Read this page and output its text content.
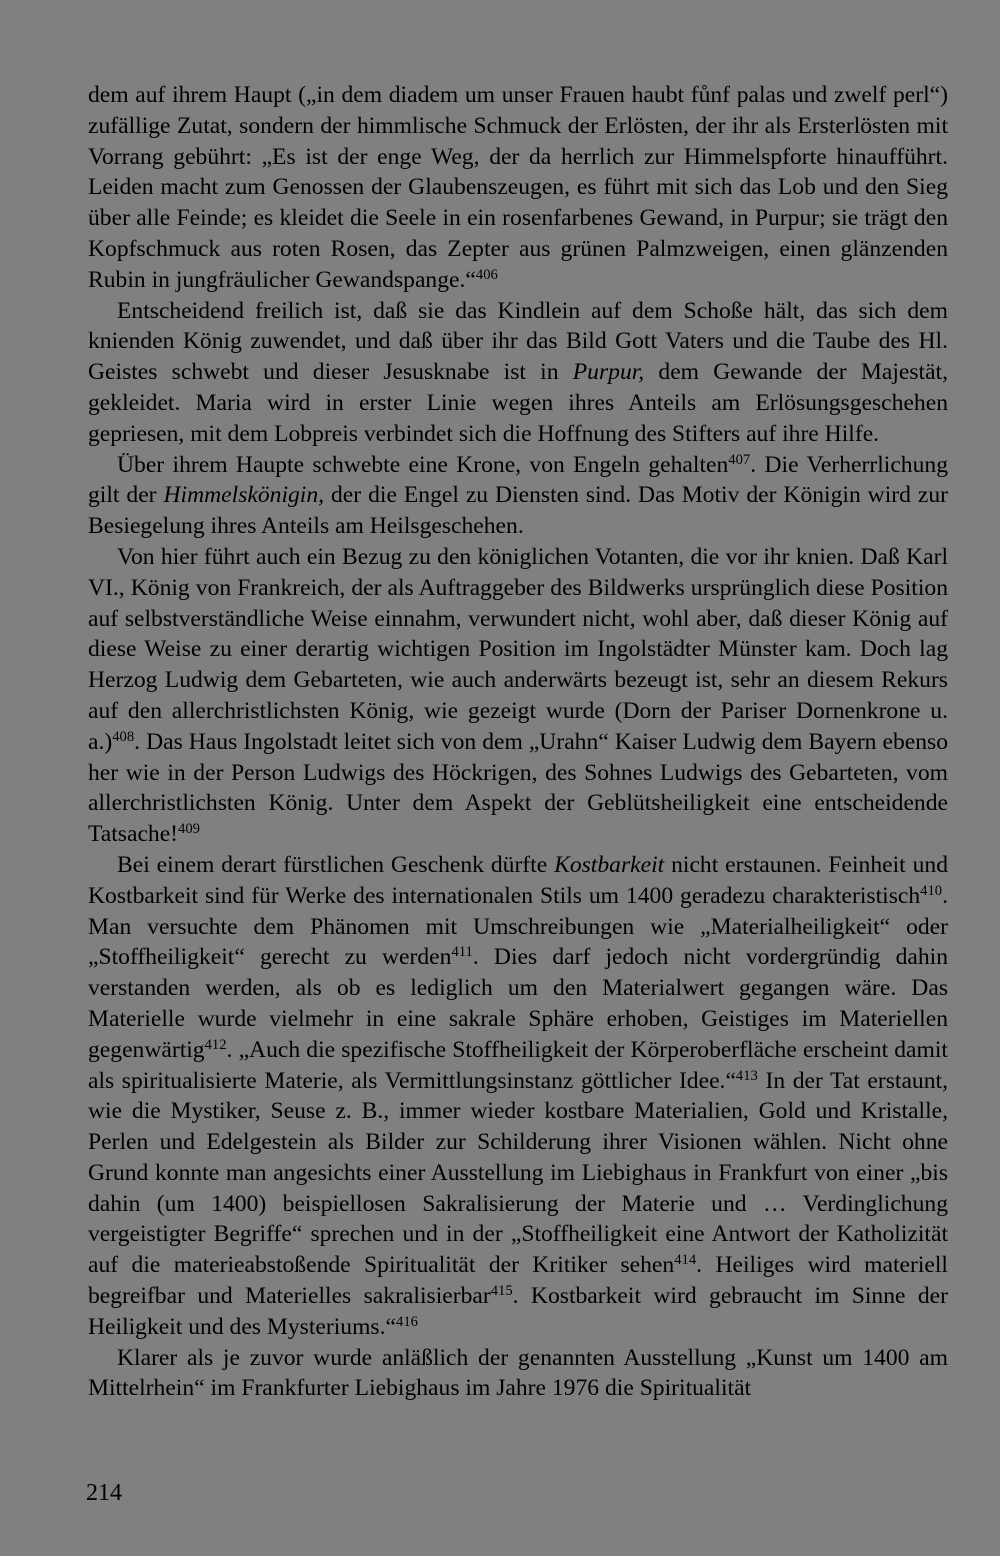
dem auf ihrem Haupt („in dem diadem um unser Frauen haubt fůnf palas und zwelf perl“) zufällige Zutat, sondern der himmlische Schmuck der Erlösten, der ihr als Ersterlösten mit Vorrang gebührt: „Es ist der enge Weg, der da herrlich zur Himmelspforte hinaufführt. Leiden macht zum Genossen der Glaubenszeugen, es führt mit sich das Lob und den Sieg über alle Feinde; es kleidet die Seele in ein rosenfarbenes Gewand, in Purpur; sie trägt den Kopfschmuck aus roten Rosen, das Zepter aus grünen Palmzweigen, einen glänzenden Rubin in jungfräulicher Gewandspange.“$^{406}$

Entscheidend freilich ist, daß sie das Kindlein auf dem Schoße hält, das sich dem knienden König zuwendet, und daß über ihr das Bild Gott Vaters und die Taube des Hl. Geistes schwebt und dieser Jesusknabe ist in Purpur, dem Gewande der Majestät, gekleidet. Maria wird in erster Linie wegen ihres Anteils am Erlösungsgeschehen gepriesen, mit dem Lobpreis verbindet sich die Hoffnung des Stifters auf ihre Hilfe.

Über ihrem Haupte schwebte eine Krone, von Engeln gehalten$^{407}$. Die Verherrlichung gilt der Himmelskönigin, der die Engel zu Diensten sind. Das Motiv der Königin wird zur Besiegelung ihres Anteils am Heilsgeschehen.

Von hier führt auch ein Bezug zu den königlichen Votanten, die vor ihr knien. Daß Karl VI., König von Frankreich, der als Auftraggeber des Bildwerks ursprünglich diese Position auf selbstverständliche Weise einnahm, verwundert nicht, wohl aber, daß dieser König auf diese Weise zu einer derartig wichtigen Position im Ingolstädter Münster kam. Doch lag Herzog Ludwig dem Gebarteten, wie auch anderwärts bezeugt ist, sehr an diesem Rekurs auf den allerchristlichsten König, wie gezeigt wurde (Dorn der Pariser Dornenkrone u. a.)$^{408}$. Das Haus Ingolstadt leitet sich von dem „Urahn“ Kaiser Ludwig dem Bayern ebenso her wie in der Person Ludwigs des Höckrigen, des Sohnes Ludwigs des Gebarteten, vom allerchristlichsten König. Unter dem Aspekt der Geblütsheiligkeit eine entscheidende Tatsache!$^{409}$

Bei einem derart fürstlichen Geschenk dürfte Kostbarkeit nicht erstaunen. Feinheit und Kostbarkeit sind für Werke des internationalen Stils um 1400 geradezu charakteristisch$^{410}$. Man versuchte dem Phänomen mit Umschreibungen wie „Materialheiligkeit“ oder „Stoffheiligkeit“ gerecht zu werden$^{411}$. Dies darf jedoch nicht vordergründig dahin verstanden werden, als ob es lediglich um den Materialwert gegangen wäre. Das Materielle wurde vielmehr in eine sakrale Sphäre erhoben, Geistiges im Materiellen gegenwärtig$^{412}$. „Auch die spezifische Stoffheiligkeit der Körperoberfläche erscheint damit als spiritualisierte Materie, als Vermittlungsinstanz göttlicher Idee.“$^{413}$ In der Tat erstaunt, wie die Mystiker, Seuse z. B., immer wieder kostbare Materialien, Gold und Kristalle, Perlen und Edelgestein als Bilder zur Schilderung ihrer Visionen wählen. Nicht ohne Grund konnte man angesichts einer Ausstellung im Liebighaus in Frankfurt von einer „bis dahin (um 1400) beispiellosen Sakralisierung der Materie und … Verdinglichung vergeistigter Begriffe“ sprechen und in der „Stoffheiligkeit eine Antwort der Katholizität auf die materieabstoßende Spiritualität der Kritiker sehen$^{414}$. Heiliges wird materiell begreifbar und Materielles sakralisierbar$^{415}$. Kostbarkeit wird gebraucht im Sinne der Heiligkeit und des Mysteriums.“$^{416}$

Klarer als je zuvor wurde anläßlich der genannten Ausstellung „Kunst um 1400 am Mittelrhein“ im Frankfurter Liebighaus im Jahre 1976 die Spiritualität

214
